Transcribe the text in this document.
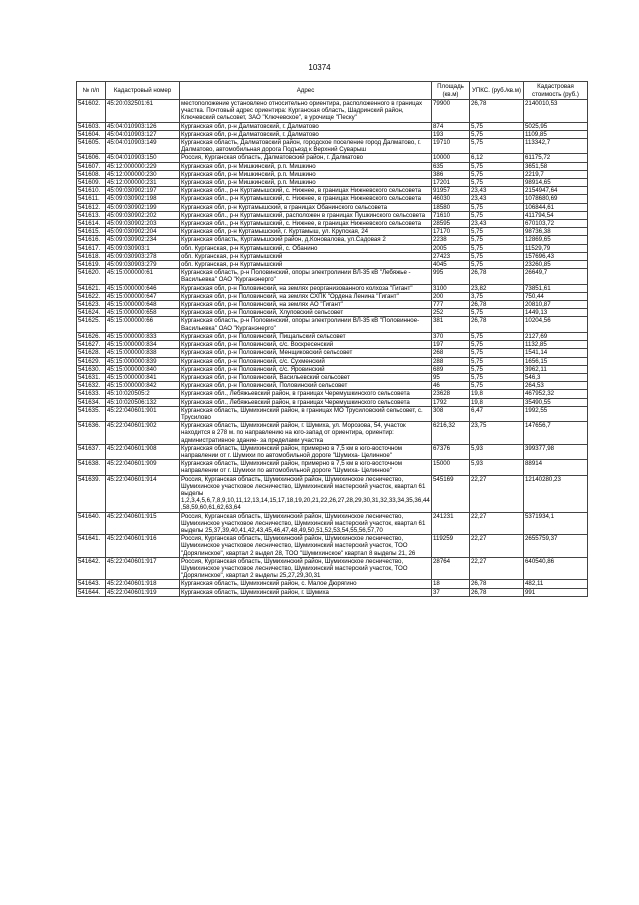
10374
№ п/п	Кадастровый номер	Адрес	Площадь (кв.м)	УПКС. (руб./кв.м)	Кадастровая стоимость (руб.)
541602.	45:20:032501:61	местоположение установлено относительно ориентира, расположенного в границах участка. Почтовый адрес ориентира: Курганская область, Шадринский район, Ключевский сельсовет, ЗАО "Ключевское", в урочище "Песку"	79900	26,78	2140010,53
541603.	45:04:010903:126	Курганская обл, р-н Далматовский, г. Далматово	874	5,75	5025,95
541604.	45:04:010903:127	Курганская обл, р-н Далматовский, г. Далматово	193	5,75	1109,85
541605.	45:04:010903:149	Курганская область, Далматовский район, городское поселение город Далматово, г. Далматово, автомобильная дорога Подъезд к Верхний Суварыш	19710	5,75	113342,7
541606.	45:04:010903:150	Россия, Курганская область, Далматовский район, г. Далматово	10000	6,12	61175,72
541607.	45:12:000000:229	Курганская обл, р-н Мишкинский, р.п. Мишкино	635	5,75	3651,58
541608.	45:12:000000:230	Курганская обл, р-н Мишкинский, р.п. Мишкино	386	5,75	2219,7
541609.	45:12:000000:231	Курганская обл, р-н Мишкинский, р.п. Мишкино	17201	5,75	98914,65
541610.	45:09:030902:197	Курганская обл., р-н Куртамышский, с. Нижнее, в границах Нижневского сельсовета	91957	23,43	2154947,64
541611.	45:09:030902:198	Курганская обл., р-н Куртамышский, с. Нижнее, в границах Нижневского сельсовета	46030	23,43	1078680,69
541612.	45:09:030902:199	Курганская обл, р-н Куртамышский, в границах Обанинского сельсовета	18580	5,75	106844,61
541613.	45:09:030902:202	Курганская обл., р-н Куртамышский, расположен в границах Пушкинского сельсовета	71610	5,75	411794,54
541614.	45:09:030902:203	Курганская обл., р-н Куртамышский, с. Нижнее, в границах Нижневского сельсовета	28595	23,43	670103,72
541615.	45:09:030902:204	Курганская обл, р-н Куртамышский, г. Куртамыш, ул. Крупская, 24	17170	5,75	98736,38
541616.	45:09:030902:234	Курганская область, Куртамышский район, д.Коновалова, ул.Садовая 2	2238	5,75	12869,65
541617.	45:09:030903:1	обл. Курганская, р-н Куртамышский, с. Обанино	2005	5,75	11529,79
541618.	45:09:030903:278	обл. Курганская, р-н Куртамышский	27423	5,75	157696,43
541619.	45:09:030903:279	обл. Курганская, р-н Куртамышский	4045	5,75	23260,85
541620.	45:15:000000:61	Курганская область, р-н Половинский, опоры электролинии ВЛ-35 кВ "Лебяжье - Васильевка" ОАО "Курганэнерго"	995	26,78	26649,7
541621.	45:15:000000:646	Курганская обл, р-н Половинский, на землях реорганизованного колхоза "Гигант"	3100	23,82	73851,61
541622.	45:15:000000:647	Курганская обл, р-н Половинский, на землях СХПК "Ордена Ленина "Гигант"	200	3,75	750,44
541623.	45:15:000000:648	Курганская обл, р-н Половинский, на землях АО "Гигант"	777	26,78	20810,87
541624.	45:15:000000:658	Курганская обл, р-н Половинский, Хлуповский сельсовет	252	5,75	1449,13
541625.	45:15:000000:66	Курганская область, р-н Половинский, опоры электролинии ВЛ-35 кВ "Половинное-Васильевка" ОАО "Курганэнерго"	381	26,78	10204,56
541626.	45:15:000000:833	Курганская обл, р-н Половинский, Пищальский сельсовет	370	5,75	2127,69
541627.	45:15:000000:834	Курганская обл, р-н Половинский, с/с. Воскресенский	197	5,75	1132,85
541628.	45:15:000000:838	Курганская обл, р-н Половинский, Менщиковский сельсовет	268	5,75	1541,14
541629.	45:15:000000:839	Курганская обл, р-н Половинский, с/с. Сухменский	288	5,75	1656,15
541630.	45:15:000000:840	Курганская обл, р-н Половинский, с/с. Яровинский	689	5,75	3962,11
541631.	45:15:000000:841	Курганская обл, р-н Половинский, Васильевский сельсовет	95	5,75	546,3
541632.	45:15:000000:842	Курганская обл, р-н Половинский, Половинский сельсовет	46	5,75	264,53
541633.	45:10:020505:2	Курганская обл., Лебяжьевский район, в границах Черемушкинского сельсовета	23628	19,8	467952,32
541634.	45:10:020506:132	Курганская обл., Лебяжьевский район, в границах Черемушкинского сельсовета	1792	19,8	35490,55
541635.	45:22:040601:901	Курганская область, Шумихинский район, в границах МО Трусиловский сельсовет, с. Трусилово	308	6,47	1992,55
541636.	45:22:040601:902	Курганская область, Шумихинский район, г. Шумиха, ул. Морозова, 54, участок находится в 278 м. по направлению на юго-запад от ориентира, ориентир: административное здание- за пределами участка	6216,32	23,75	147656,7
541637.	45:22:040601:908	Курганская область, Шумихинский район, примерно в 7,5 км в юго-восточном направлении от г. Шумихи по автомобильной дороге "Шумиха- Целинное"	67376	5,93	399377,98
541638.	45:22:040601:909	Курганская область, Шумихинский район, примерно в 7,5 км в юго-восточном направлении от г. Шумихи по автомобильной дороге "Шумиха- Целинное"	15000	5,93	88914
541639.	45:22:040601:914	Россия, Курганская область, Шумихинский район, Шумихинское лесничество, Шумихинское участковое лесничество, Шумихинский мастерский участок, квартал 61 выделы 1,2,3,4,5,6,7,8,9,10,11,12,13,14,15,17,18,19,20,21,22,26,27,28,29,30,31,32,33,34,35,36,44,58,59,60,61,62,63,64	545169	22,27	12140280,23
541640.	45:22:040601:915	Россия, Курганская область, Шумихинский район, Шумихинское лесничество, Шумихинское участковое лесничество, Шумихинский мастерский участок, квартал 61 выделы 25,37,39,40,41,42,43,45,46,47,48,49,50,51,52,53,54,55,56,57,70	241231	22,27	5371934,1
541641.	45:22:040601:916	Россия, Курганская область, Шумихинский район, Шумихинское лесничество, Шумихинское участковое лесничество, Шумихинский мастерский участок, ТОО "Дорялинское", квартал 2 выдел 28, ТОО "Шумихинское" квартал 8 выделы 21, 26	119259	22,27	2655759,37
541642.	45:22:040601:917	Россия, Курганская область, Шумихинский район, Шумихинское лесничество, Шумихинское участковое лесничество, Шумихинский мастерский участок, ТОО "Дорялинское", квартал 2 выделы 25,27,29,30,31	28764	22,27	640540,86
541643.	45:22:040601:918	Курганская область, Шумихинский район, с. Малое Дюрягино	18	26,78	482,11
541644.	45:22:040601:919	Курганская область, Шумихинский район, г. Шумиха	37	26,78	991
